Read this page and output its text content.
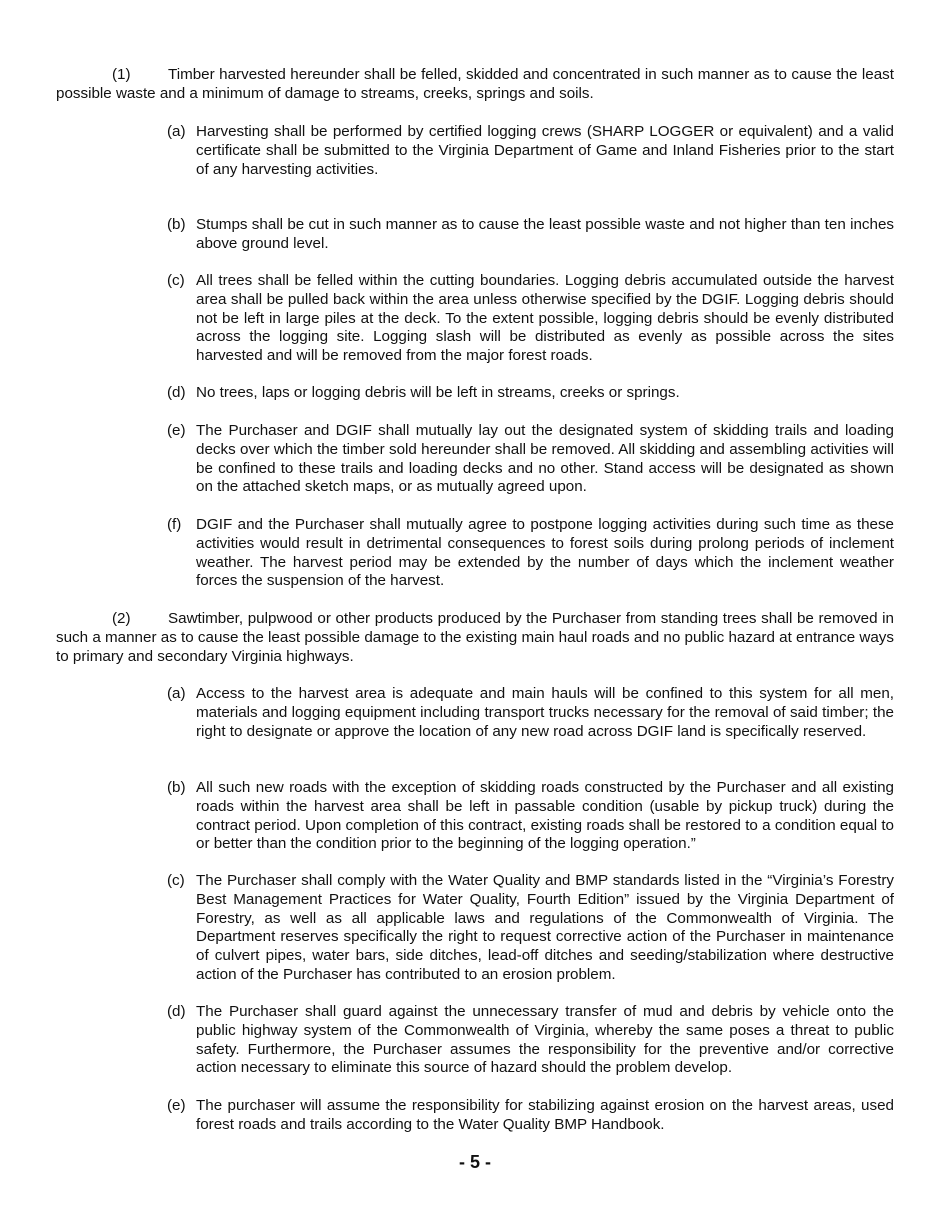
(1) Timber harvested hereunder shall be felled, skidded and concentrated in such manner as to cause the least possible waste and a minimum of damage to streams, creeks, springs and soils.

(a) Harvesting shall be performed by certified logging crews (SHARP LOGGER or equivalent) and a valid certificate shall be submitted to the Virginia Department of Game and Inland Fisheries prior to the start of any harvesting activities.
(b) Stumps shall be cut in such manner as to cause the least possible waste and not higher than ten inches above ground level.
(c) All trees shall be felled within the cutting boundaries. Logging debris accumulated outside the harvest area shall be pulled back within the area unless otherwise specified by the DGIF. Logging debris should not be left in large piles at the deck. To the extent possible, logging debris should be evenly distributed across the logging site. Logging slash will be distributed as evenly as possible across the sites harvested and will be removed from the major forest roads.
(d) No trees, laps or logging debris will be left in streams, creeks or springs.
(e) The Purchaser and DGIF shall mutually lay out the designated system of skidding trails and loading decks over which the timber sold hereunder shall be removed. All skidding and assembling activities will be confined to these trails and loading decks and no other. Stand access will be designated as shown on the attached sketch maps, or as mutually agreed upon.
(f) DGIF and the Purchaser shall mutually agree to postpone logging activities during such time as these activities would result in detrimental consequences to forest soils during prolong periods of inclement weather. The harvest period may be extended by the number of days which the inclement weather forces the suspension of the harvest.

(2) Sawtimber, pulpwood or other products produced by the Purchaser from standing trees shall be removed in such a manner as to cause the least possible damage to the existing main haul roads and no public hazard at entrance ways to primary and secondary Virginia highways.

(a) Access to the harvest area is adequate and main hauls will be confined to this system for all men, materials and logging equipment including transport trucks necessary for the removal of said timber; the right to designate or approve the location of any new road across DGIF land is specifically reserved.
(b) All such new roads with the exception of skidding roads constructed by the Purchaser and all existing roads within the harvest area shall be left in passable condition (usable by pickup truck) during the contract period. Upon completion of this contract, existing roads shall be restored to a condition equal to or better than the condition prior to the beginning of the logging operation.”
(c) The Purchaser shall comply with the Water Quality and BMP standards listed in the “Virginia’s Forestry Best Management Practices for Water Quality, Fourth Edition” issued by the Virginia Department of Forestry, as well as all applicable laws and regulations of the Commonwealth of Virginia. The Department reserves specifically the right to request corrective action of the Purchaser in maintenance of culvert pipes, water bars, side ditches, lead-off ditches and seeding/stabilization where destructive action of the Purchaser has contributed to an erosion problem.
(d) The Purchaser shall guard against the unnecessary transfer of mud and debris by vehicle onto the public highway system of the Commonwealth of Virginia, whereby the same poses a threat to public safety. Furthermore, the Purchaser assumes the responsibility for the preventive and/or corrective action necessary to eliminate this source of hazard should the problem develop.
(e) The purchaser will assume the responsibility for stabilizing against erosion on the harvest areas, used forest roads and trails according to the Water Quality BMP Handbook.
- 5 -
